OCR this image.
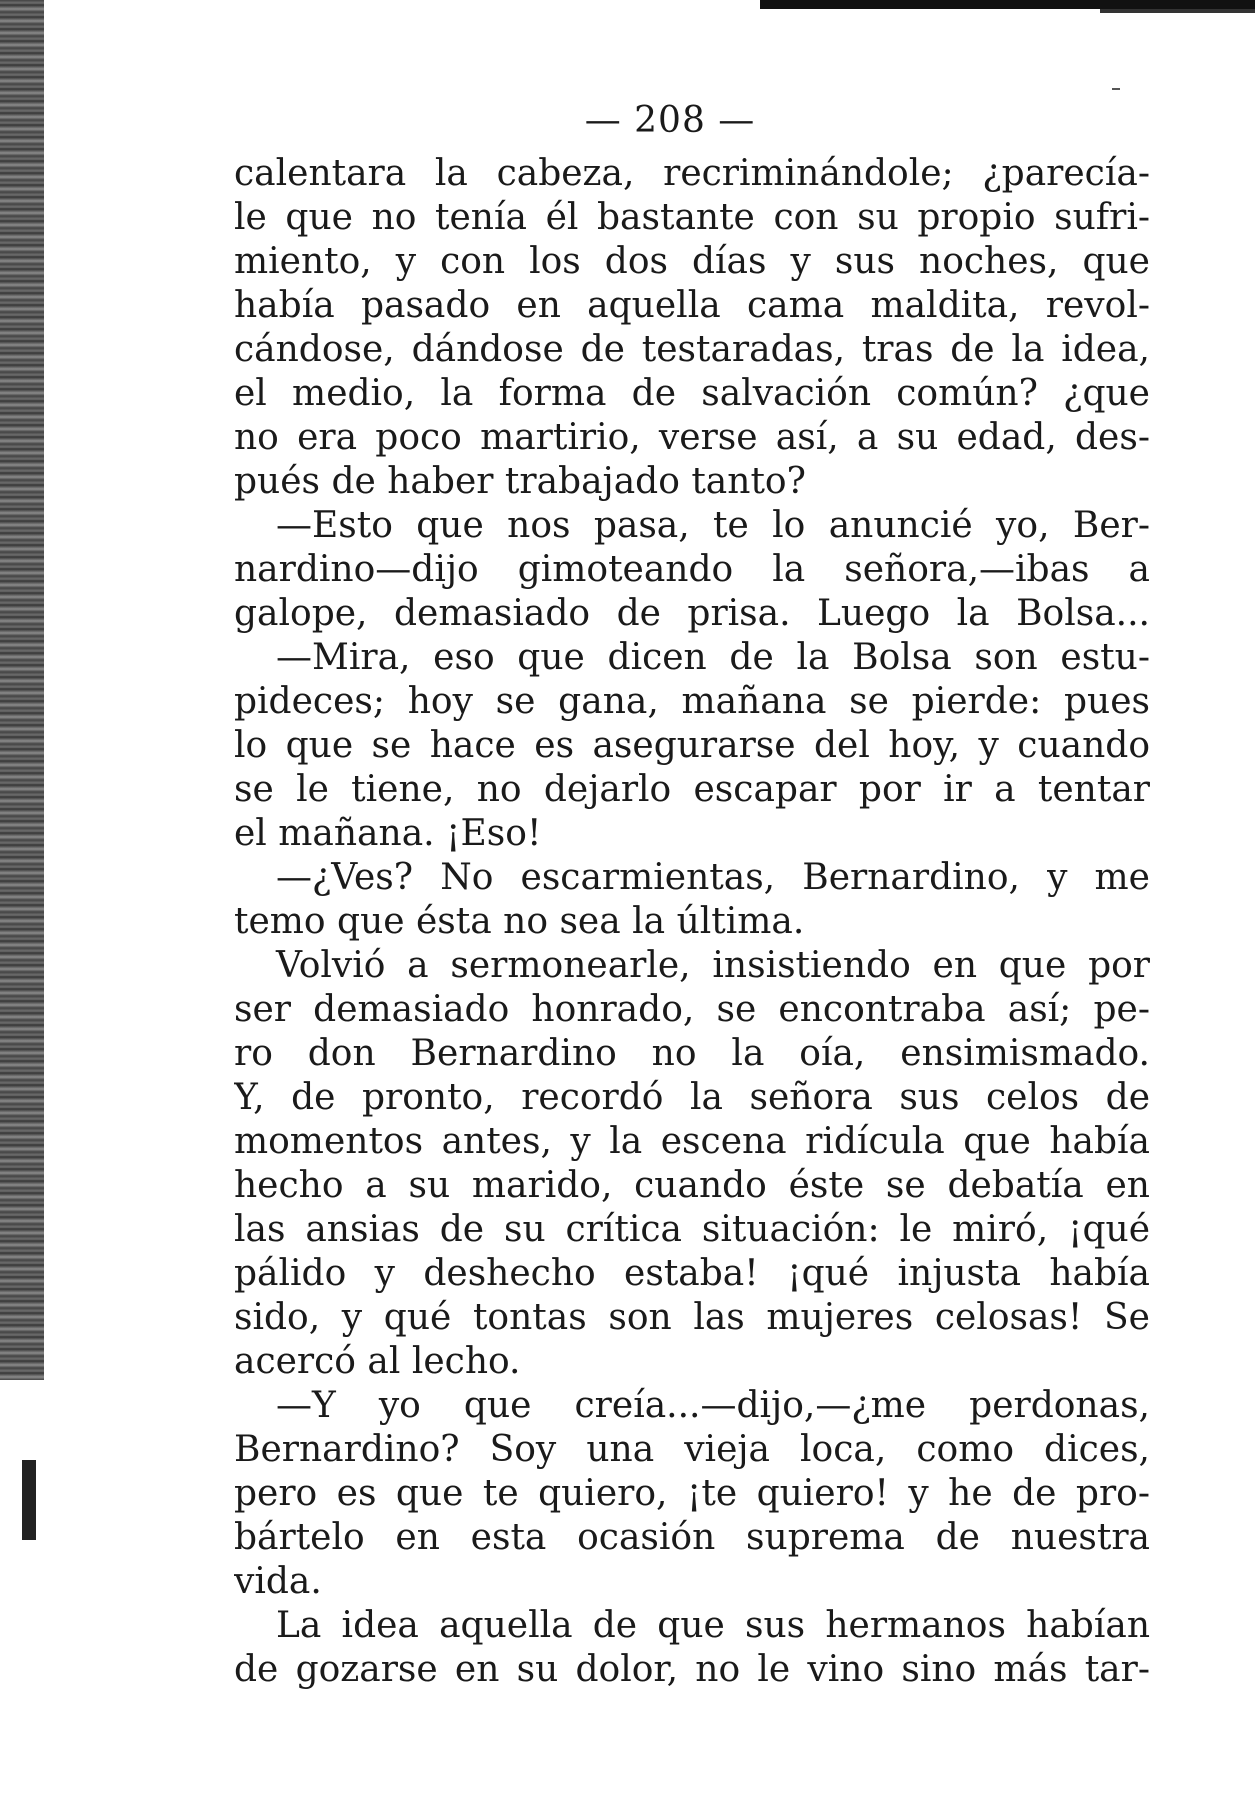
— 208 —
calentara la cabeza, recriminándole; ¿parecía-
le que no tenía él bastante con su propio sufri-
miento, y con los dos días y sus noches, que
había pasado en aquella cama maldita, revol-
cándose, dándose de testaradas, tras de la idea,
el medio, la forma de salvación común? ¿que
no era poco martirio, verse así, a su edad, des-
pués de haber trabajado tanto?
—Esto que nos pasa, te lo anuncié yo, Ber-
nardino—dijo gimoteando la señora,—ibas a
galope, demasiado de prisa. Luego la Bolsa...
—Mira, eso que dicen de la Bolsa son estu-
pideces; hoy se gana, mañana se pierde: pues
lo que se hace es asegurarse del hoy, y cuando
se le tiene, no dejarlo escapar por ir a tentar
el mañana. ¡Eso!
—¿Ves? No escarmientas, Bernardino, y me
temo que ésta no sea la última.
Volvió a sermonearle, insistiendo en que por
ser demasiado honrado, se encontraba así; pe-
ro don Bernardino no la oía, ensimismado.
Y, de pronto, recordó la señora sus celos de
momentos antes, y la escena ridícula que había
hecho a su marido, cuando éste se debatía en
las ansias de su crítica situación: le miró, ¡qué
pálido y deshecho estaba! ¡qué injusta había
sido, y qué tontas son las mujeres celosas! Se
acercó al lecho.
—Y yo que creía...—dijo,—¿me perdonas,
Bernardino? Soy una vieja loca, como dices,
pero es que te quiero, ¡te quiero! y he de pro-
bártelo en esta ocasión suprema de nuestra
vida.
La idea aquella de que sus hermanos habían
de gozarse en su dolor, no le vino sino más tar-
